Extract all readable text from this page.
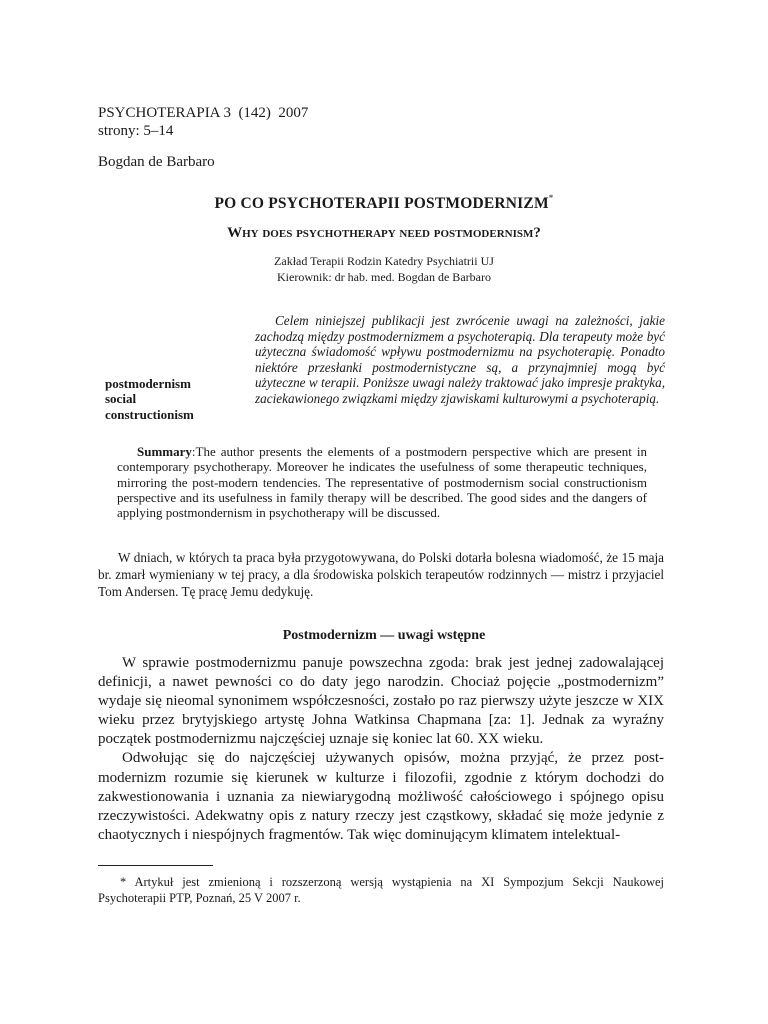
PSYCHOTERAPIA 3  (142)  2007
strony: 5–14
Bogdan de Barbaro
PO CO PSYCHOTERAPII POSTMODERNIZM*
Why does psychotherapy need postmodernism?
Zakład Terapii Rodzin Katedry Psychiatrii UJ
Kierownik: dr hab. med. Bogdan de Barbaro

Celem niniejszej publikacji jest zwrócenie uwagi na zależności, jakie zachodzą między postmodernizmem a psychoterapią. Dla terapeuty może być użyteczna świadomość wpływu postmodernizmu na psychoterapię. Ponadto niektóre przesłanki postmodernistyczne są, a przynajmniej mogą być użyteczne w terapii. Poniższe uwagi należy traktować jako impresje praktyka, zaciekawionego związkami między zjawiskami kulturowymi a psychoterapią.

postmodernism
social
constructionism

Summary:The author presents the elements of a postmodern perspective which are present in contemporary psychotherapy. Moreover he indicates the usefulness of some therapeutic techniques, mirroring the post-modern tendencies. The representative of postmodernism social constructionism perspective and its usefulness in family therapy will be described. The good sides and the dangers of applying postmondernism in psychotherapy will be discussed.

W dniach, w których ta praca była przygotowywana, do Polski dotarła bolesna wiadomość, że 15 maja br. zmarł wymieniany w tej pracy, a dla środowiska polskich terapeutów rodzinnych — mistrz i przyjaciel Tom Andersen. Tę pracę Jemu dedykuję.

Postmodernizm — uwagi wstępne

W sprawie postmodernizmu panuje powszechna zgoda: brak jest jednej zadowalającej definicji, a nawet pewności co do daty jego narodzin. Chociaż pojęcie „postmodernizm” wydaje się nieomal synonimem współczesności, zostało po raz pierwszy użyte jeszcze w XIX wieku przez brytyjskiego artystę Johna Watkinsa Chapmana [za: 1]. Jednak za wyraźny początek postmodernizmu najczęściej uznaje się koniec lat 60. XX wieku.

Odwołując się do najczęściej używanych opisów, można przyjąć, że przez post-modernizm rozumie się kierunek w kulturze i filozofii, zgodnie z którym dochodzi do zakwestionowania i uznania za niewiarygodną możliwość całościowego i spójnego opisu rzeczywistości. Adekwatny opis z natury rzeczy jest cząstkowy, składać się może jedynie z chaotycznych i niespójnych fragmentów. Tak więc dominującym klimatem intelektual-

* Artykuł jest zmienioną i rozszerzoną wersją wystąpienia na XI Sympozjum Sekcji Naukowej Psychoterapii PTP, Poznań, 25 V 2007 r.
